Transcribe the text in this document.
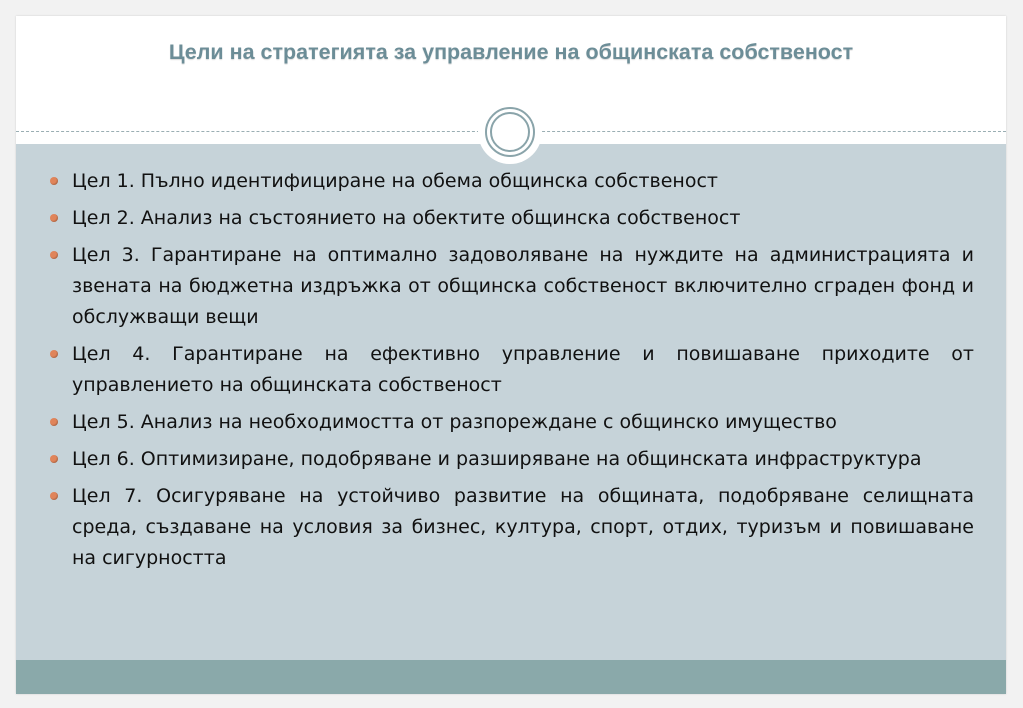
Цели на стратегията за управление на общинската собственост
Цел 1. Пълно идентифициране на обема общинска собственост
Цел 2. Анализ на състоянието на обектите общинска собственост
Цел 3. Гарантиране на оптимално задоволяване на нуждите на администрацията и звената на бюджетна издръжка от общинска собственост включително сграден фонд и обслужващи вещи
Цел 4. Гарантиране на ефективно управление и повишаване приходите от управлението на общинската собственост
Цел 5. Анализ на необходимостта от разпореждане с общинско имущество
Цел 6. Оптимизиране, подобряване и разширяване на общинската инфраструктура
Цел 7. Осигуряване на устойчиво развитие на общината, подобряване селищната среда, създаване на условия за бизнес, култура, спорт, отдих, туризъм и повишаване на сигурността
